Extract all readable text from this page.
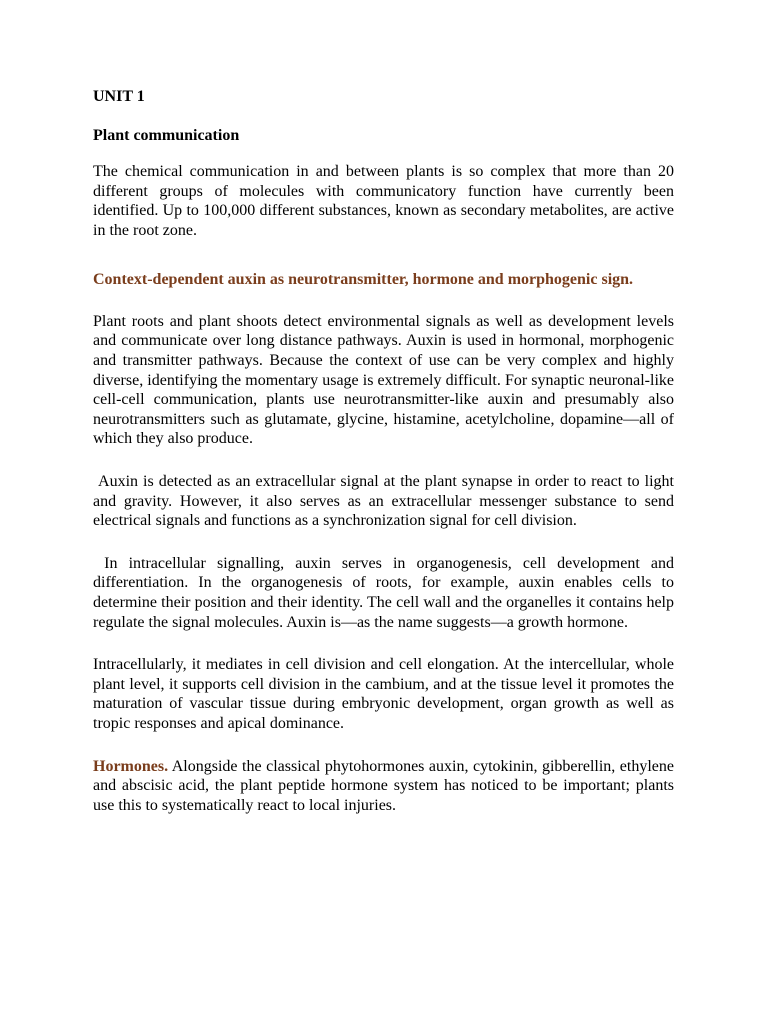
UNIT 1
Plant communication

The chemical communication in and between plants is so complex that more than 20 different groups of molecules with communicatory function have currently been identified. Up to 100,000 different substances, known as secondary metabolites, are active in the root zone.

Context-dependent auxin as neurotransmitter, hormone and morphogenic sign.

Plant roots and plant shoots detect environmental signals as well as development levels and communicate over long distance pathways. Auxin is used in hormonal, morphogenic and transmitter pathways. Because the context of use can be very complex and highly diverse, identifying the momentary usage is extremely difficult. For synaptic neuronal-like cell-cell communication, plants use neurotransmitter-like auxin and presumably also neurotransmitters such as glutamate, glycine, histamine, acetylcholine, dopamine—all of which they also produce.

Auxin is detected as an extracellular signal at the plant synapse in order to react to light and gravity. However, it also serves as an extracellular messenger substance to send electrical signals and functions as a synchronization signal for cell division.

In intracellular signalling, auxin serves in organogenesis, cell development and differentiation. In the organogenesis of roots, for example, auxin enables cells to determine their position and their identity. The cell wall and the organelles it contains help regulate the signal molecules. Auxin is—as the name suggests—a growth hormone.

Intracellularly, it mediates in cell division and cell elongation. At the intercellular, whole plant level, it supports cell division in the cambium, and at the tissue level it promotes the maturation of vascular tissue during embryonic development, organ growth as well as tropic responses and apical dominance.

Hormones. Alongside the classical phytohormones auxin, cytokinin, gibberellin, ethylene and abscisic acid, the plant peptide hormone system has noticed to be important; plants use this to systematically react to local injuries.
